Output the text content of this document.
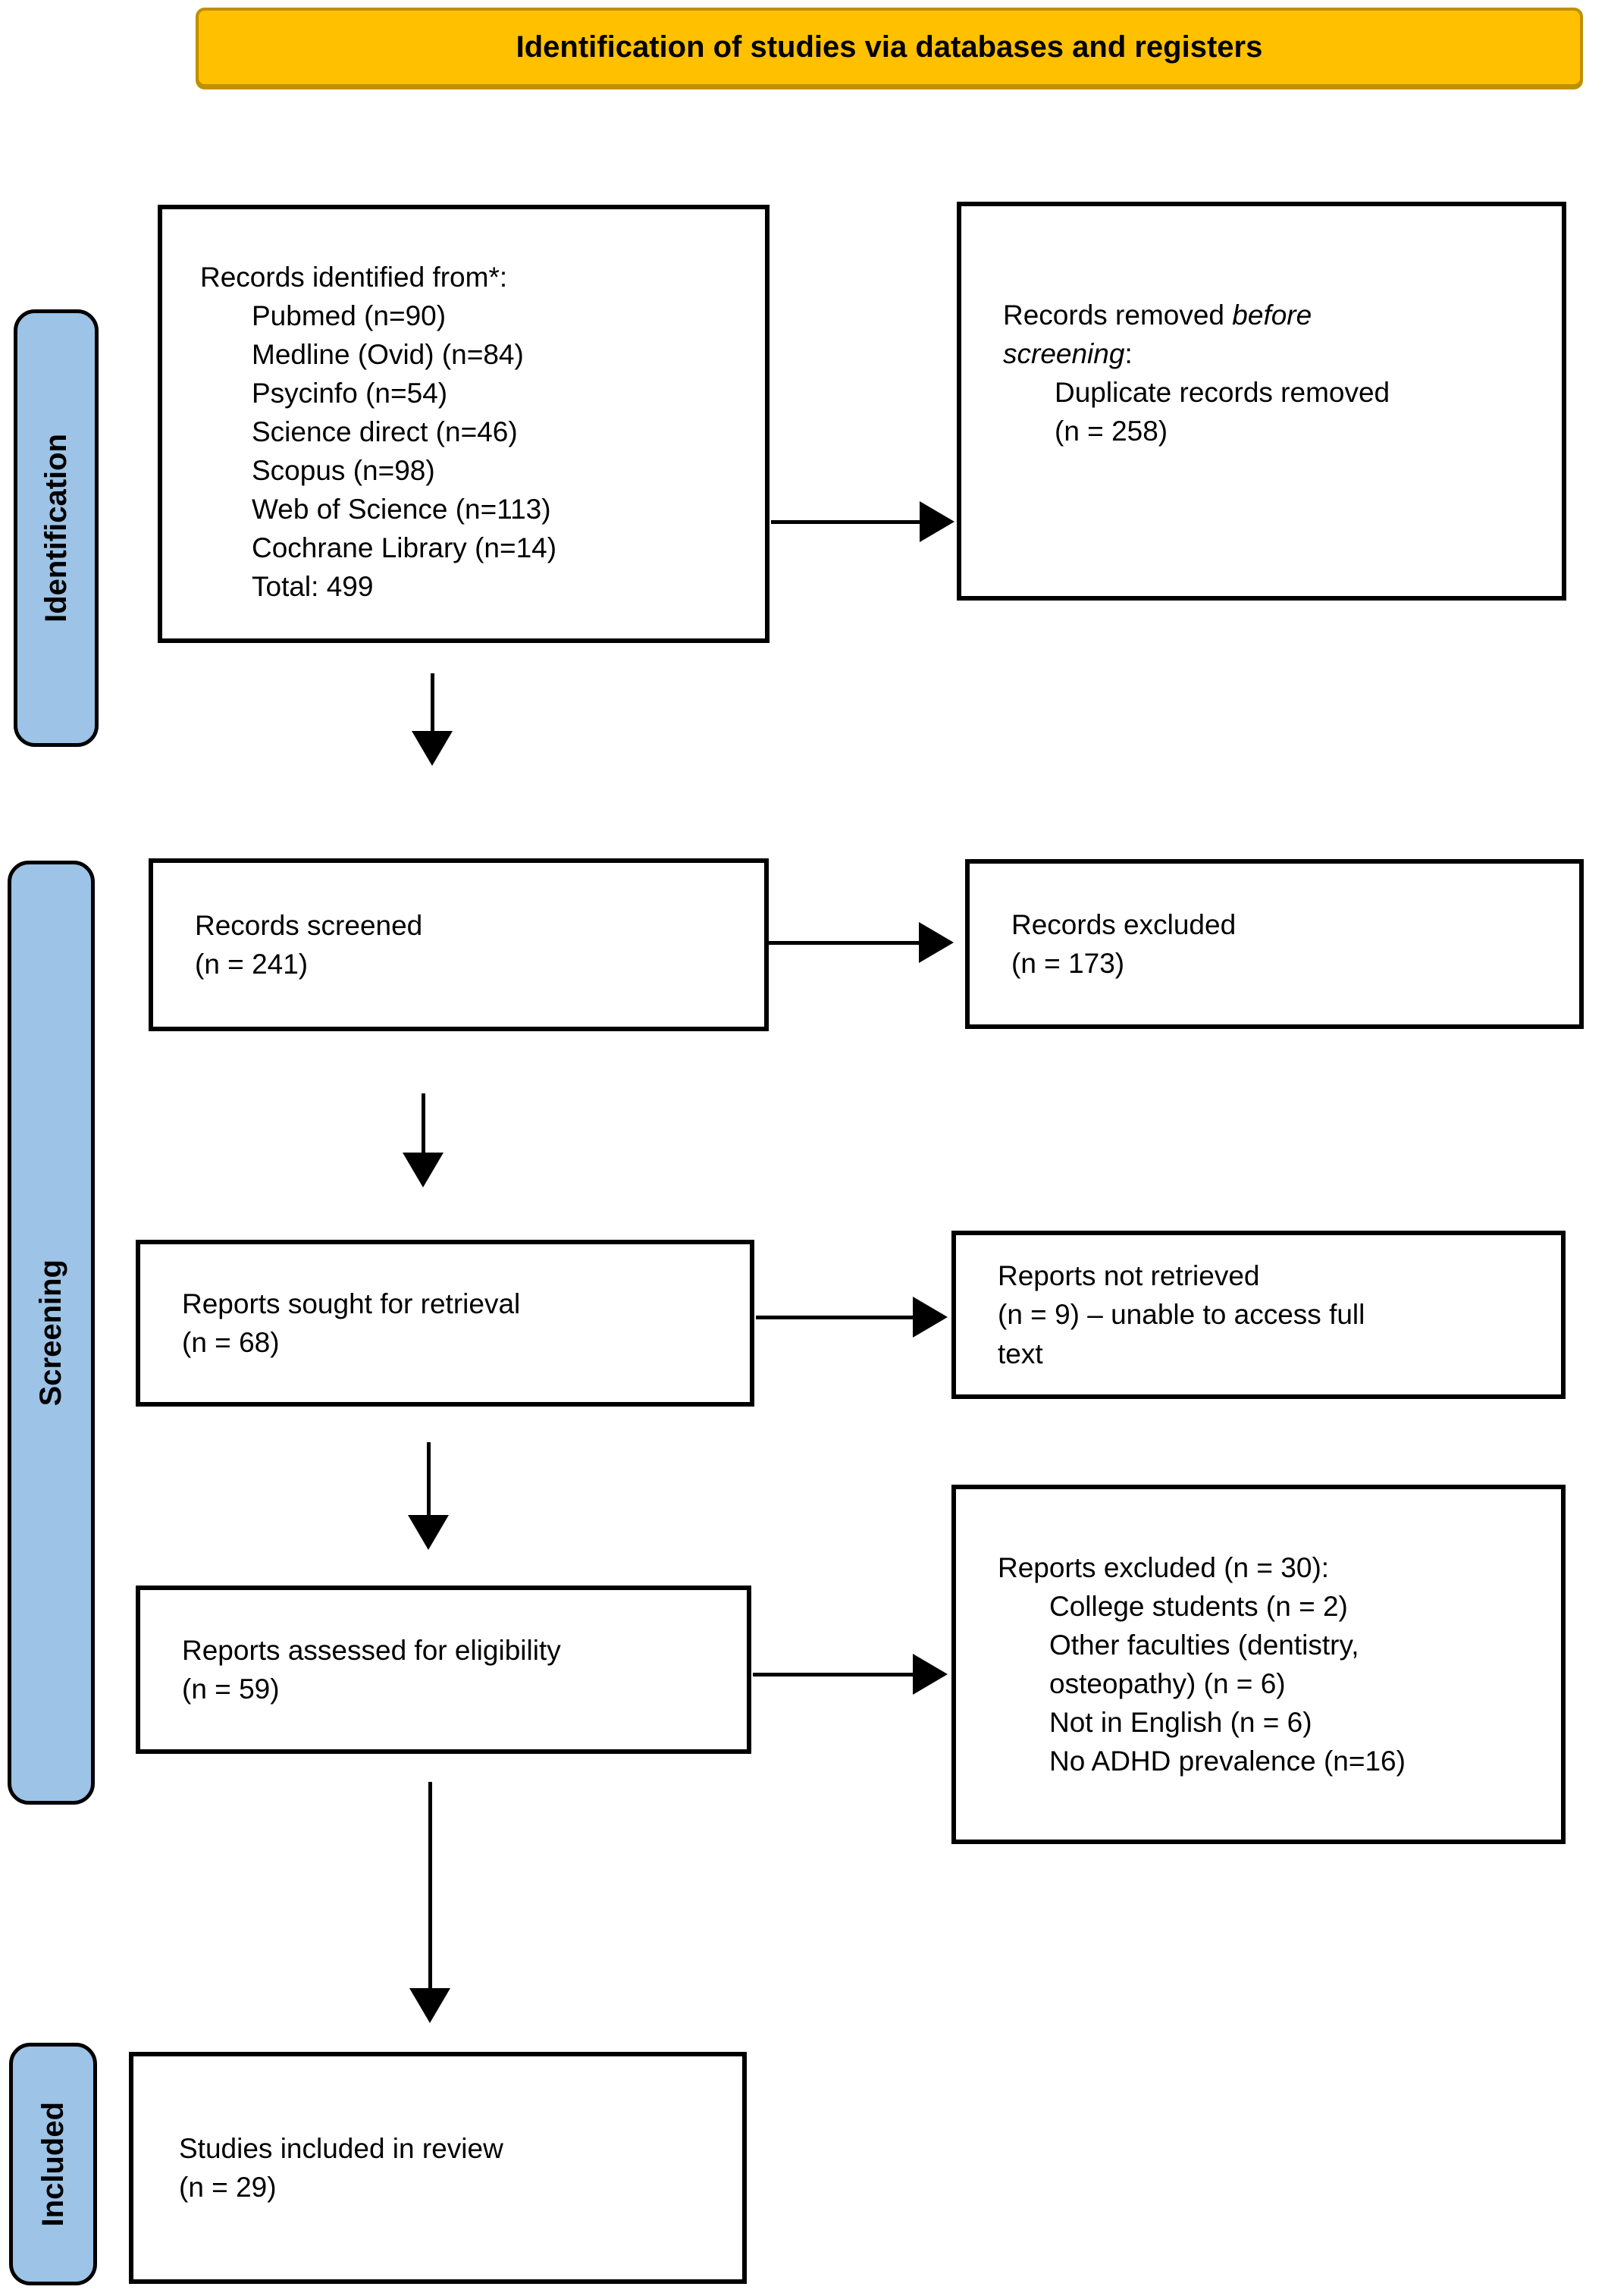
Identification of studies via databases and registers
Identification
Screening
Included
Records identified from*:
Pubmed (n=90)
Medline (Ovid) (n=84)
Psycinfo (n=54)
Science direct (n=46)
Scopus (n=98)
Web of Science (n=113)
Cochrane Library (n=14)
Total: 499
Records removed before screening:
Duplicate records removed
(n = 258)
Records screened
(n = 241)
Records excluded
(n = 173)
Reports sought for retrieval
(n = 68)
Reports not retrieved
(n = 9) – unable to access full text
Reports assessed for eligibility
(n = 59)
Reports excluded (n = 30):
College students (n = 2)
Other faculties (dentistry, osteopathy) (n = 6)
Not in English (n = 6)
No ADHD prevalence (n=16)
Studies included in review
(n = 29)
